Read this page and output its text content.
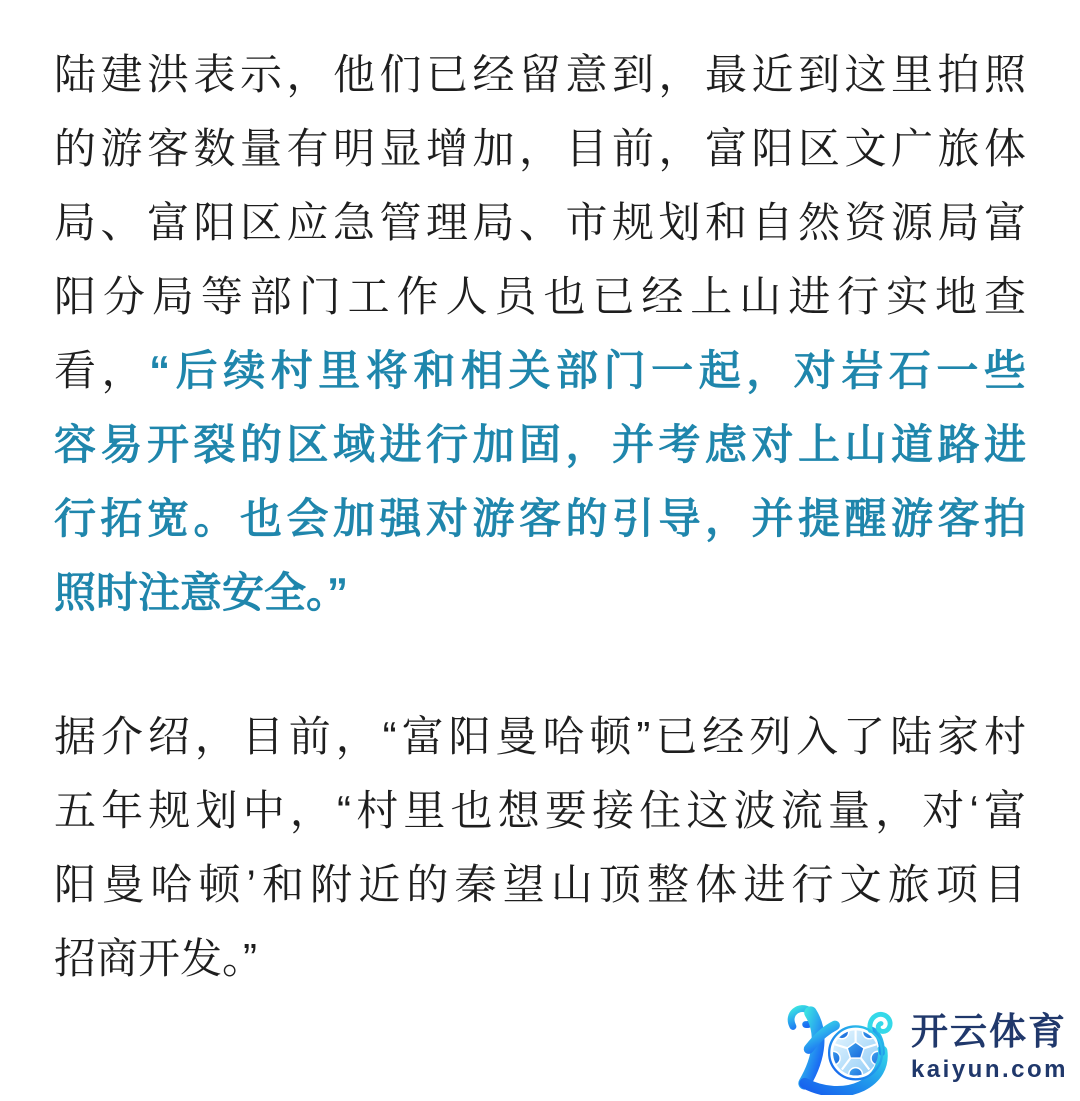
陆建洪表示，他们已经留意到，最近到这里拍照
的游客数量有明显增加，目前，富阳区文广旅体
局、富阳区应急管理局、市规划和自然资源局富
阳分局等部门工作人员也已经上山进行实地查
看，“后续村里将和相关部门一起，对岩石一些
容易开裂的区域进行加固，并考虑对上山道路进
行拓宽。也会加强对游客的引导，并提醒游客拍
照时注意安全。”
据介绍，目前，“富阳曼哈顿”已经列入了陆家村
五年规划中，“村里也想要接住这波流量，对‘富
阳曼哈顿’和附近的秦望山顶整体进行文旅项目
招商开发。”
开云体育
kaiyun.com
